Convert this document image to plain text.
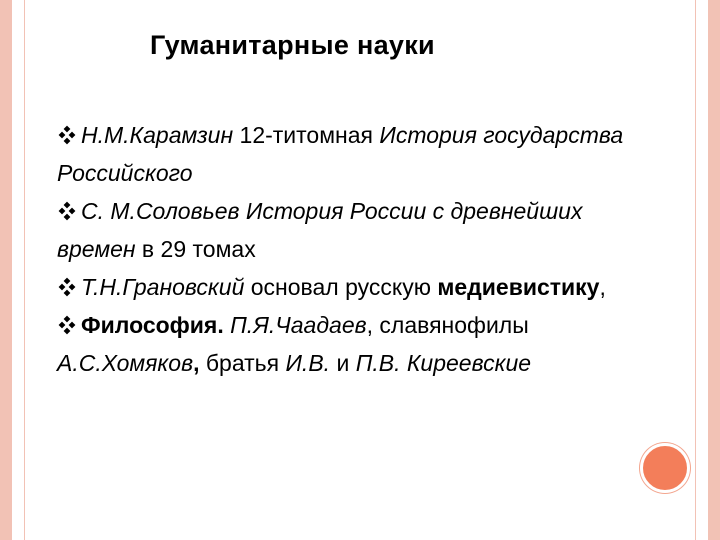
Гуманитарные науки
Н.М.Карамзин 12-титомная История государства Российского
С. М.Соловьев История России с древнейших времен в 29 томах
Т.Н.Грановский основал русскую медиевистику,
Философия. П.Я.Чаадаев, славянофилы А.С.Хомяков, братья И.В. и П.В. Киреевские
